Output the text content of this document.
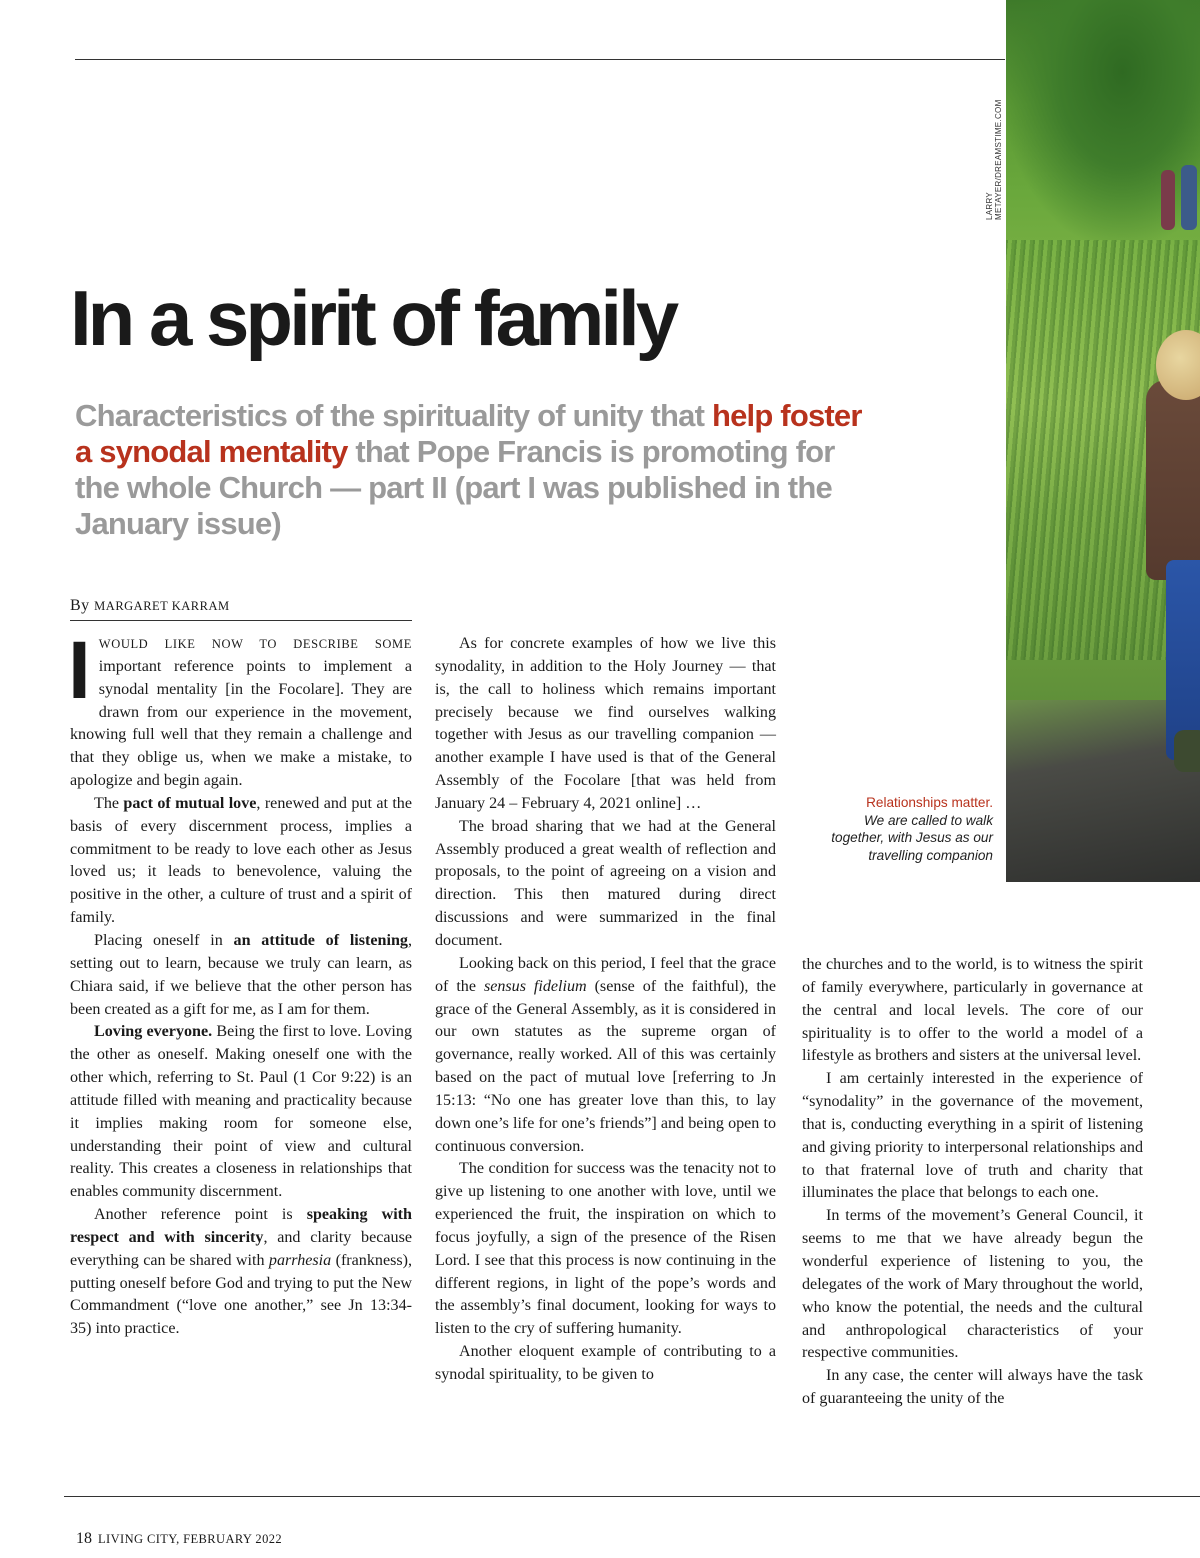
LARRY METAYER/DREAMSTIME.COM
In a spirit of family

Characteristics of the spirituality of unity that help foster a synodal mentality that Pope Francis is promoting for the whole Church — part II (part I was published in the January issue)

By MARGARET KARRAM

IWOULD LIKE NOW TO DESCRIBE SOME important reference points to implement a synodal mentality [in the Focolare]. They are drawn from our experience in the movement, knowing full well that they remain a challenge and that they oblige us, when we make a mistake, to apologize and begin again.

The pact of mutual love, renewed and put at the basis of every discernment process, implies a commitment to be ready to love each other as Jesus loved us; it leads to benevolence, valuing the positive in the other, a culture of trust and a spirit of family.

Placing oneself in an attitude of listening, setting out to learn, because we truly can learn, as Chiara said, if we believe that the other person has been created as a gift for me, as I am for them.

Loving everyone. Being the first to love. Loving the other as oneself. Making oneself one with the other which, referring to St. Paul (1 Cor 9:22) is an attitude filled with meaning and practicality because it implies making room for someone else, understanding their point of view and cultural reality. This creates a closeness in relationships that enables community discernment.

Another reference point is speaking with respect and with sincerity, and clarity because everything can be shared with parrhesia (frankness), putting oneself before God and trying to put the New Commandment (“love one another,” see Jn 13:34-35) into practice.

As for concrete examples of how we live this synodality, in addition to the Holy Journey — that is, the call to holiness which remains important precisely because we find ourselves walking together with Jesus as our travelling companion — another example I have used is that of the General Assembly of the Focolare [that was held from January 24 – February 4, 2021 online] …

The broad sharing that we had at the General Assembly produced a great wealth of reflection and proposals, to the point of agreeing on a vision and direction. This then matured during direct discussions and were summarized in the final document.

Looking back on this period, I feel that the grace of the sensus fidelium (sense of the faithful), the grace of the General Assembly, as it is considered in our own statutes as the supreme organ of governance, really worked. All of this was certainly based on the pact of mutual love [referring to Jn 15:13: “No one has greater love than this, to lay down one’s life for one’s friends”] and being open to continuous conversion.

The condition for success was the tenacity not to give up listening to one another with love, until we experienced the fruit, the inspiration on which to focus joyfully, a sign of the presence of the Risen Lord. I see that this process is now continuing in the different regions, in light of the pope’s words and the assembly’s final document, looking for ways to listen to the cry of suffering humanity.

Another eloquent example of contributing to a synodal spirituality, to be given to

Relationships matter.
We are called to walk together, with Jesus as our travelling companion

the churches and to the world, is to witness the spirit of family everywhere, particularly in governance at the central and local levels. The core of our spirituality is to offer to the world a model of a lifestyle as brothers and sisters at the universal level.

I am certainly interested in the experience of “synodality” in the governance of the movement, that is, conducting everything in a spirit of listening and giving priority to interpersonal relationships and to that fraternal love of truth and charity that illuminates the place that belongs to each one.

In terms of the movement’s General Council, it seems to me that we have already begun the wonderful experience of listening to you, the delegates of the work of Mary throughout the world, who know the potential, the needs and the cultural and anthropological characteristics of your respective communities.

In any case, the center will always have the task of guaranteeing the unity of the

18 LIVING CITY, FEBRUARY 2022
